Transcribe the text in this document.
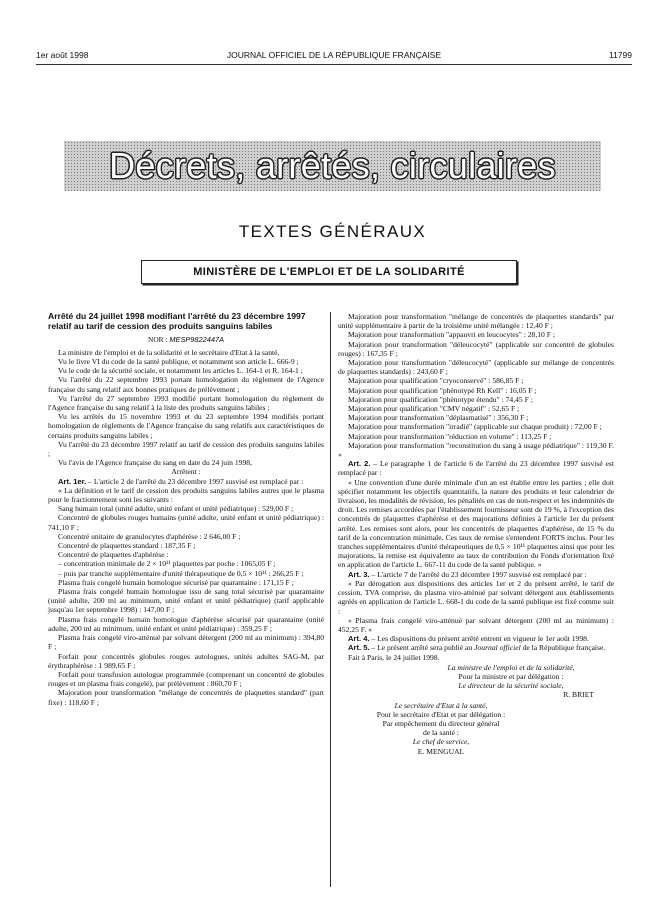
1er août 1998	JOURNAL OFFICIEL DE LA RÉPUBLIQUE FRANÇAISE	11799
Décrets, arrêtés, circulaires
TEXTES GÉNÉRAUX
MINISTÈRE DE L'EMPLOI ET DE LA SOLIDARITÉ
Arrêté du 24 juillet 1998 modifiant l'arrêté du 23 décembre 1997 relatif au tarif de cession des produits sanguins labiles
NOR : MESP9822447A

La ministre de l'emploi et de la solidarité et le secrétaire d'Etat à la santé,

Vu le livre VI du code de la santé publique, et notamment son article L. 666-9 ;

Vu le code de la sécurité sociale, et notamment les articles L. 164-1 et R. 164-1 ;

Vu l'arrêté du 22 septembre 1993 portant homologation du règlement de l'Agence française du sang relatif aux bonnes pratiques de prélèvement ;

Vu l'arrêté du 27 septembre 1993 modifié portant homologation du règlement de l'Agence française du sang relatif à la liste des produits sanguins labiles ;

Vu les arrêtés du 15 novembre 1993 et du 23 septembre 1994 modifiés portant homologation de règlements de l'Agence française du sang relatifs aux caractéristiques de certains produits sanguins labiles ;

Vu l'arrêté du 23 décembre 1997 relatif au tarif de cession des produits sanguins labiles ;

Vu l'avis de l'Agence française du sang en date du 24 juin 1998,

Arrêtent :

Art. 1er. – L'article 2 de l'arrêté du 23 décembre 1997 susvisé est remplacé par :

« La définition et le tarif de cession des produits sanguins labiles autres que le plasma pour le fractionnement sont les suivants :

Sang humain total (unité adulte, unité enfant et unité pédiatrique) : 529,00 F ;

Concentré de globules rouges humains (unité adulte, unité enfant et unité pédiatrique) : 741,10 F ;

Concentré unitaire de granulocytes d'aphérèse : 2 646,00 F ;

Concentré de plaquettes standard : 187,35 F ;

Concentré de plaquettes d'aphérèse :

– concentration minimale de 2 × 10¹¹ plaquettes par poche : 1065,05 F ;

– puis par tranche supplémentaire d'unité thérapeutique de 0,5 × 10¹¹ : 266,25 F ;

Plasma frais congelé humain homologue sécurisé par quarantaine : 171,15 F ;

Plasma frais congelé humain homologue issu de sang total sécurisé par quarantaine (unité adulte, 200 ml au minimum, unité enfant et unité pédiatrique) (tarif applicable jusqu'au 1er septembre 1998) : 147,00 F ;

Plasma frais congelé humain homologue d'aphérèse sécurisé par quarantaine (unité adulte, 200 ml au minimum, unité enfant et unité pédiatrique) : 359,25 F ;

Plasma frais congelé viro-atténué par solvant détergent (200 ml au minimum) : 394,80 F ;

Forfait pour concentrés globules rouges autologues, unités adultes SAG-M, par érythraphérèse : 1 989,65 F ;

Forfait pour transfusion autologue programmée (comprenant un concentré de globules rouges et un plasma frais congelé), par prélèvement : 860,70 F ;

Majoration pour transformation "mélange de concentrés de plaquettes standard" (part fixe) : 118,60 F ;

Majoration pour transformation "mélange de concentrés de plaquettes standards" par unité supplémentaire à partir de la troisième unité mélangée : 12,40 F ;

Majoration pour transformation "appauvri en leucocytes" : 28,10 F ;

Majoration pour transformation "déleucocyté" (applicable sur concentré de globules rouges) : 167,35 F ;

Majoration pour transformation "déleucocyté" (applicable sur mélange de concentrés de plaquettes standards) : 243,60 F ;

Majoration pour qualification "cryoconservé" : 586,85 F ;

Majoration pour qualification "phénotypé Rh Kell" : 16,05 F ;

Majoration pour qualification "phénotype étendu" : 74,45 F ;

Majoration pour qualification "CMV négatif" : 52,65 F ;

Majoration pour transformation "déplasmatisé" : 356,30 F ;

Majoration pour transformation "irradié" (applicable sur chaque produit) : 72,00 F ;

Majoration pour transformation "réduction en volume" : 113,25 F ;

Majoration pour transformation "reconstitution du sang à usage pédiatrique" : 119,30 F. »

Art. 2. – Le paragraphe 1 de l'article 6 de l'arrêté du 23 décembre 1997 susvisé est remplacé par :

« Une convention d'une durée minimale d'un an est établie entre les parties ; elle doit spécifier notamment les objectifs quantitatifs, la nature des produits et leur calendrier de livraison, les modalités de révision, les pénalités en cas de non-respect et les indemnités de droit. Les remises accordées par l'établissement fournisseur sont de 19 %, à l'exception des concentrés de plaquettes d'aphérèse et des majorations définies à l'article 1er du présent arrêté. Les remises sont alors, pour les concentrés de plaquettes d'aphérèse, de 15 % du tarif de la concentration minimale. Ces taux de remise s'entendent FORTS inclus. Pour les tranches supplémentaires d'unité thérapeutiques de 0,5 × 10¹¹ plaquettes ainsi que pour les majorations, la remise est équivalente au taux de contribution du Fonds d'orientation fixé en application de l'article L. 667-11 du code de la santé publique. »

Art. 3. – L'article 7 de l'arrêté du 23 décembre 1997 susvisé est remplacé par :

« Par dérogation aux dispositions des articles 1er et 2 du présent arrêté, le tarif de cession, TVA comprise, du plasma viro-atténué par solvant détergent aux établissements agréés en application de l'article L. 668-1 du code de la santé publique est fixé comme suit :

« Plasma frais congelé viro-atténué par solvant détergent (200 ml au minimum) : 452,25 F. »

Art. 4. – Les dispositions du présent arrêté entrent en vigueur le 1er août 1998.

Art. 5. – Le présent arrêté sera publié au Journal officiel de la République française.

Fait à Paris, le 24 juillet 1998.

La ministre de l'emploi et de la solidarité,

Pour la ministre et par délégation :

Le directeur de la sécurité sociale,

R. BRIET

Le secrétaire d'Etat à la santé,

Pour le secrétaire d'Etat et par délégation :

Par empêchement du directeur général

de la santé :

Le chef de service,

E. MENGUAL
